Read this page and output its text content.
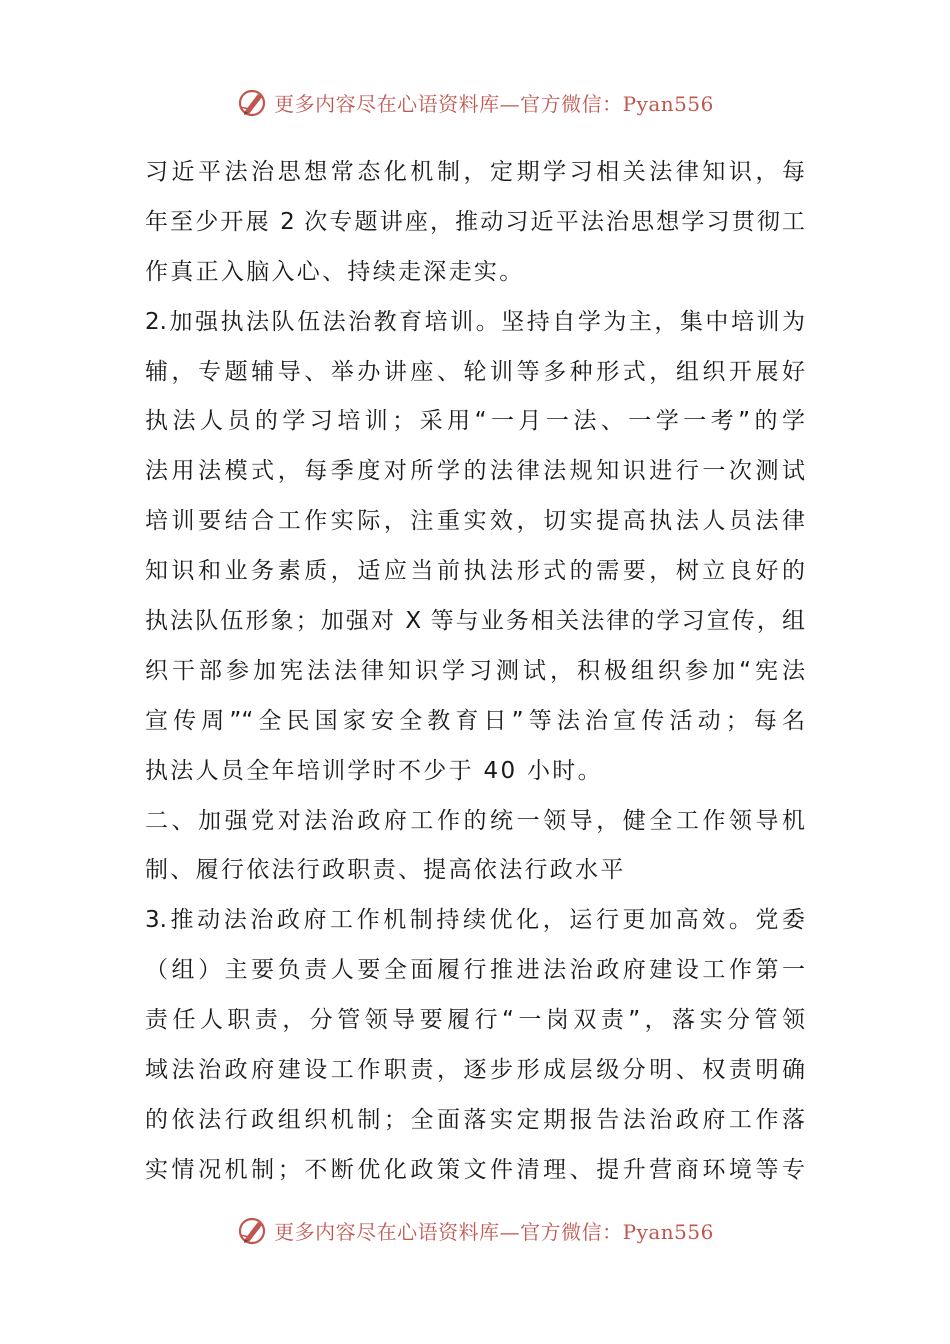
更多内容尽在心语资料库—官方微信：Pyan556
习近平法治思想常态化机制，定期学习相关法律知识，每
年至少开展 2 次专题讲座，推动习近平法治思想学习贯彻工
作真正入脑入心、持续走深走实。
2.加强执法队伍法治教育培训。坚持自学为主，集中培训为
辅，专题辅导、举办讲座、轮训等多种形式，组织开展好
执法人员的学习培训；采用“一月一法、一学一考”的学
法用法模式，每季度对所学的法律法规知识进行一次测试
培训要结合工作实际，注重实效，切实提高执法人员法律
知识和业务素质，适应当前执法形式的需要，树立良好的
执法队伍形象；加强对 X 等与业务相关法律的学习宣传，组
织干部参加宪法法律知识学习测试，积极组织参加“宪法
宣传周”“全民国家安全教育日”等法治宣传活动；每名
执法人员全年培训学时不少于 40 小时。
二、加强党对法治政府工作的统一领导，健全工作领导机
制、履行依法行政职责、提高依法行政水平
3.推动法治政府工作机制持续优化，运行更加高效。党委
（组）主要负责人要全面履行推进法治政府建设工作第一
责任人职责，分管领导要履行“一岗双责”，落实分管领
域法治政府建设工作职责，逐步形成层级分明、权责明确
的依法行政组织机制；全面落实定期报告法治政府工作落
实情况机制；不断优化政策文件清理、提升营商环境等专
更多内容尽在心语资料库—官方微信：Pyan556
